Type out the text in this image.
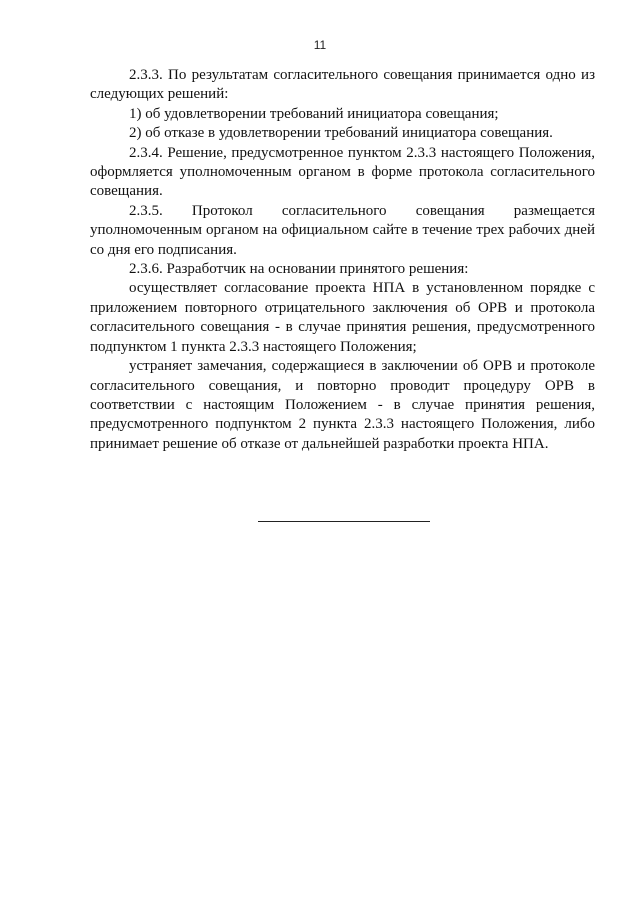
11

2.3.3. По результатам согласительного совещания принимается одно из следующих решений:

1) об удовлетворении требований инициатора совещания;

2) об отказе в удовлетворении требований инициатора совещания.

2.3.4. Решение, предусмотренное пунктом 2.3.3 настоящего Положения, оформляется уполномоченным органом в форме протокола согласительного совещания.

2.3.5. Протокол согласительного совещания размещается уполномоченным органом на официальном сайте в течение трех рабочих дней со дня его подписания.

2.3.6. Разработчик на основании принятого решения:

осуществляет согласование проекта НПА в установленном порядке с приложением повторного отрицательного заключения об ОРВ и протокола согласительного совещания - в случае принятия решения, предусмотренного подпунктом 1 пункта 2.3.3 настоящего Положения;

устраняет замечания, содержащиеся в заключении об ОРВ и протоколе согласительного совещания, и повторно проводит процедуру ОРВ в соответствии с настоящим Положением - в случае принятия решения, предусмотренного подпунктом 2 пункта 2.3.3 настоящего Положения, либо принимает решение об отказе от дальнейшей разработки проекта НПА.
